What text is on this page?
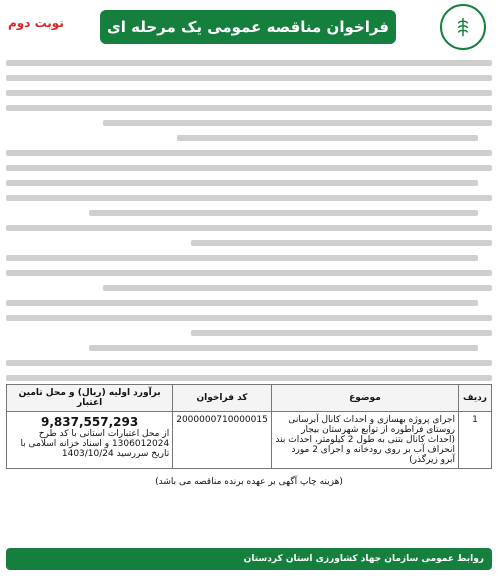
فراخوان مناقصه عمومی یک مرحله ای
نوبت دوم
ردیف	موضوع	کد فراخوان	برآورد اولیه (ریال) و محل تامین اعتبار
1	اجرای پروژه بهسازی و احداث کانال آبرسانی روستای فراطوره از توابع شهرستان بیجار (احداث کانال بتنی به طول 2 کیلومتر، احداث بند انحراف آب بر روی رودخانه و اجرای 2 مورد آبرو زیرگذر)	2000000710000015	9,837,557,293
از محل اعتبارات استانی با کد طرح 1306012024 و اسناد خزانه اسلامی با تاریخ سررسید 1403/10/24
(هزینه چاپ آگهی بر عهده برنده مناقصه می باشد)
روابط عمومی سازمان جهاد کشاورزی استان کردستان
